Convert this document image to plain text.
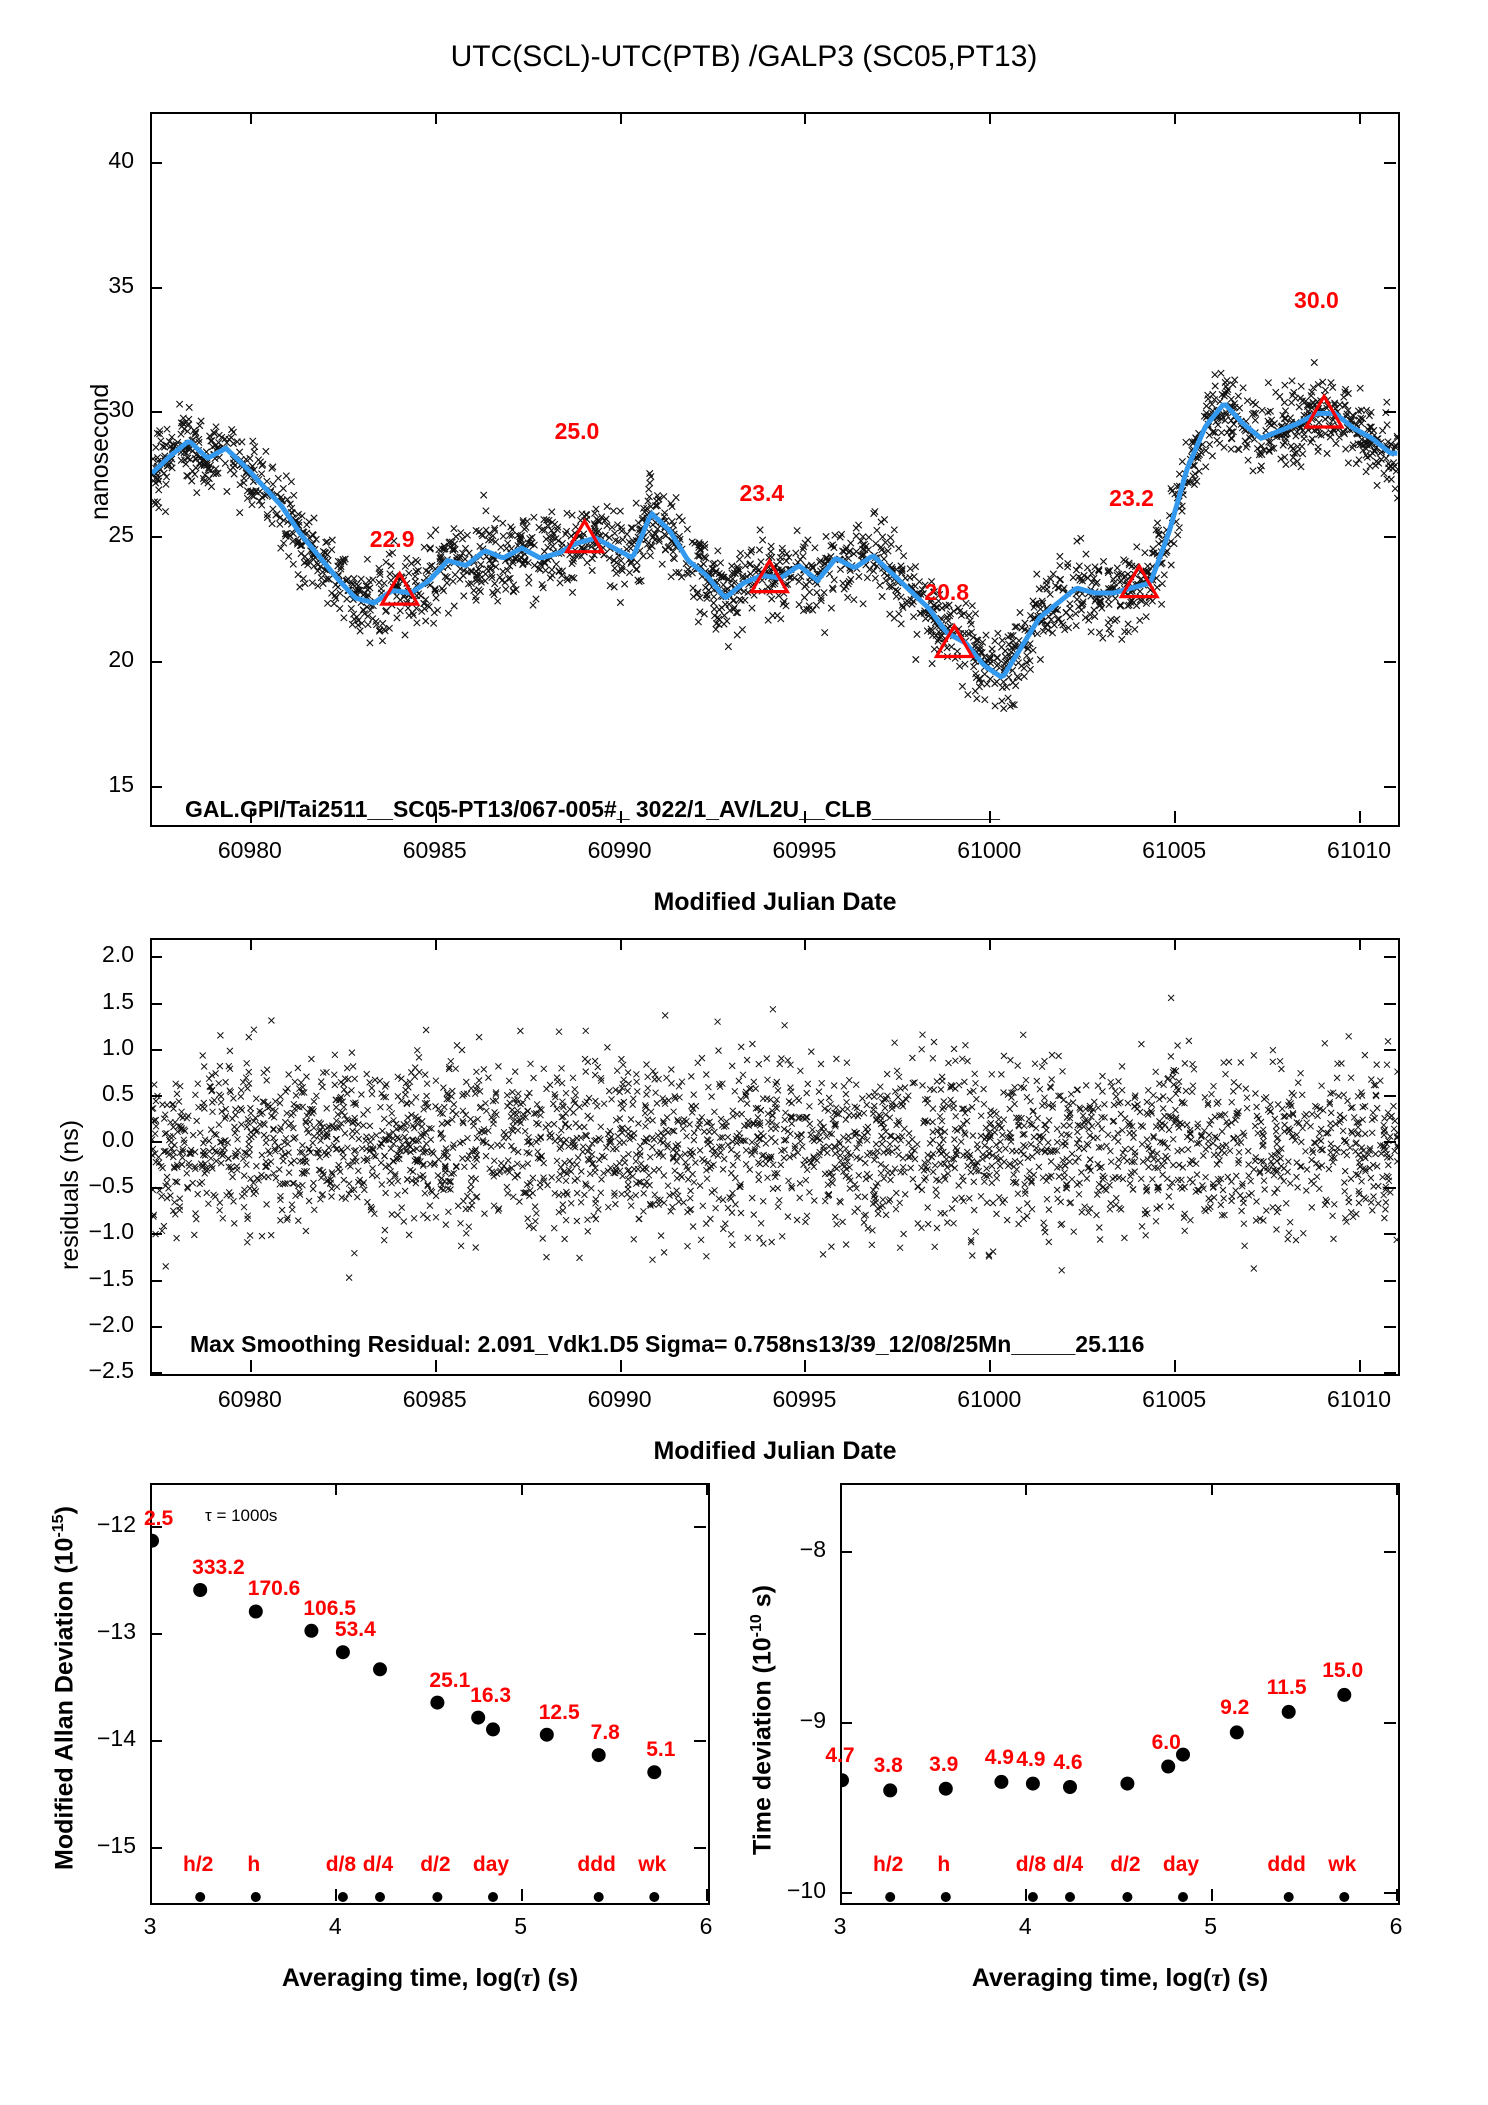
UTC(SCL)-UTC(PTB) /GALP3 (SC05,PT13)
60980	60985	60990	60995	61000	61005	61010
15
20
25
30
35
40
GAL.GPI/Tai2511__SC05-PT13/067-005#_ 3022/1_AV/L2U__CLB__________
nanosecond
Modified Julian Date
60980	60985	60990	60995	61000	61005	61010
−2.5
−2.0
−1.5
−1.0
−0.5
0.0
0.5
1.0
1.5
2.0
Max Smoothing Residual: 2.091_Vdk1.D5 Sigma= 0.758ns13/39_12/08/25Mn_____25.116
residuals (ns)
Modified Julian Date
3	4	5	6
−15
−14
−13
−12	τ = 1000s
Modified Allan Deviation $(10^{-15})$
Averaging time, log(τ) (s)
3	4	5	6
−10
−9
−8
Time deviation ($10^{-10}$ s)
Averaging time, log(τ) (s)
2.5
333.2
170.6
106.5
53.4
25.1
16.3
12.5
7.8
5.1
h/2	h	d/8 d/4 d/2 day	ddd wk
4.7 3.8 3.9 4.9 4.9 4.6
6.0
9.2
11.5
15.0
h/2	h	d/8 d/4 d/2 day	ddd wk
22.9
25.0
23.4
20.8
23.2
30.0
